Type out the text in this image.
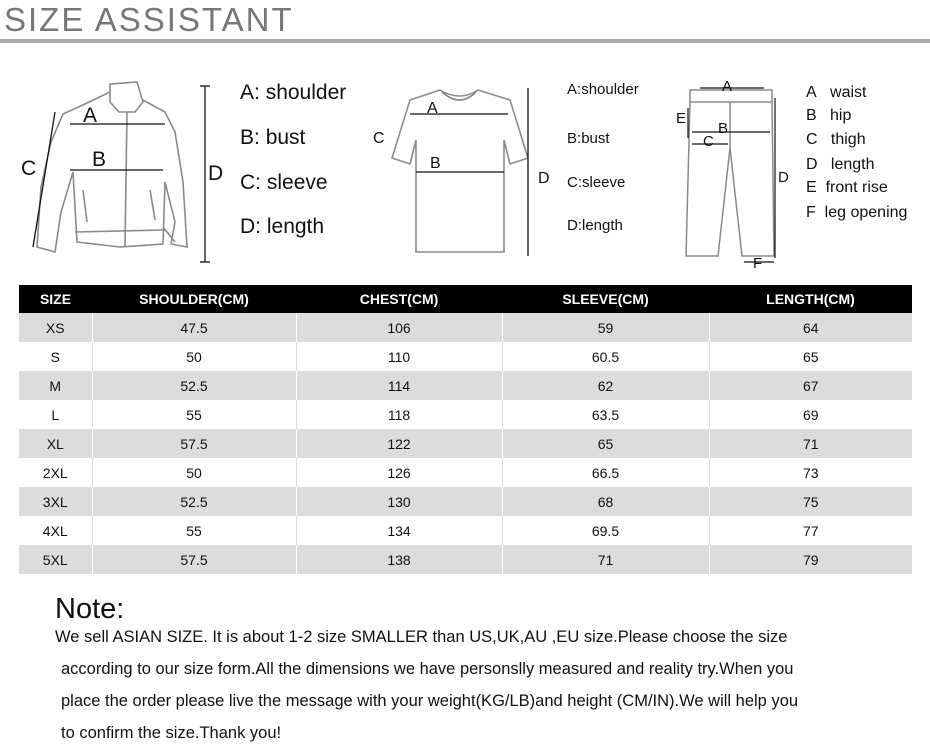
SIZE ASSISTANT
A
B
C	D
A: shoulder
B: bust
C: sleeve
D: length
A
B
C
D
A:shoulder
B:bust
C:sleeve
D:length
A
B
C
D
E
F
A waist
B hip
C thigh
D length
E front rise
F leg opening
SIZE	SHOULDER(CM)	CHEST(CM)	SLEEVE(CM)	LENGTH(CM)
XS	47.5	106	59	64
S	50	110	60.5	65
M	52.5	114	62	67
L	55	118	63.5	69
XL	57.5	122	65	71
2XL	50	126	66.5	73
3XL	52.5	130	68	75
4XL	55	134	69.5	77
5XL	57.5	138	71	79
Note:
We sell ASIAN SIZE. It is about 1-2 size SMALLER than US,UK,AU ,EU size.Please choose the size
according to our size form.All the dimensions we have personslly measured and reality try.When you
place the order please live the message with your weight(KG/LB)and height (CM/IN).We will help you
to confirm the size.Thank you!
